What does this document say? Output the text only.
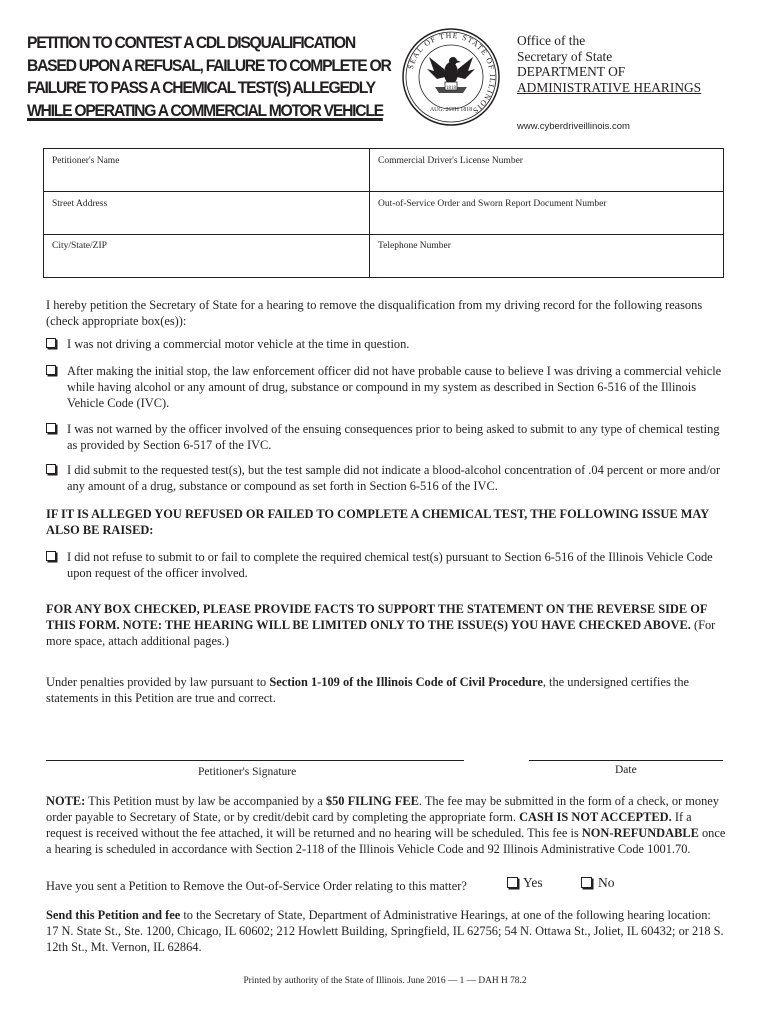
PETITION TO CONTEST A CDL DISQUALIFICATION
BASED UPON A REFUSAL, FAILURE TO COMPLETE OR
FAILURE TO PASS A CHEMICAL TEST(S) ALLEGEDLY
WHILE OPERATING A COMMERCIAL MOTOR VEHICLE
SEAL OF THE STATE OF ILLINOIS
1818
AUG. 26TH 1818
Office of the
Secretary of State
DEPARTMENT OF
ADMINISTRATIVE HEARINGS
www.cyberdriveillinois.com
Petitioner's Name	Commercial Driver's License Number
Street Address	Out-of-Service Order and Sworn Report Document Number
City/State/ZIP	Telephone Number
I hereby petition the Secretary of State for a hearing to remove the disqualification from my driving record for the following reasons (check appropriate box(es)):
I was not driving a commercial motor vehicle at the time in question.
After making the initial stop, the law enforcement officer did not have probable cause to believe I was driving a commercial vehicle while having alcohol or any amount of drug, substance or compound in my system as described in Section 6-516 of the Illinois Vehicle Code (IVC).
I was not warned by the officer involved of the ensuing consequences prior to being asked to submit to any type of chemical testing as provided by Section 6-517 of the IVC.
I did submit to the requested test(s), but the test sample did not indicate a blood-alcohol concentration of .04 percent or more and/or any amount of a drug, substance or compound as set forth in Section 6-516 of the IVC.
IF IT IS ALLEGED YOU REFUSED OR FAILED TO COMPLETE A CHEMICAL TEST, THE FOLLOWING ISSUE MAY ALSO BE RAISED:
I did not refuse to submit to or fail to complete the required chemical test(s) pursuant to Section 6-516 of the Illinois Vehicle Code upon request of the officer involved.
FOR ANY BOX CHECKED, PLEASE PROVIDE FACTS TO SUPPORT THE STATEMENT ON THE REVERSE SIDE OF THIS FORM. NOTE: THE HEARING WILL BE LIMITED ONLY TO THE ISSUE(S) YOU HAVE CHECKED ABOVE. (For more space, attach additional pages.)
Under penalties provided by law pursuant to Section 1-109 of the Illinois Code of Civil Procedure, the undersigned certifies the statements in this Petition are true and correct.
Petitioner's Signature	Date
NOTE: This Petition must by law be accompanied by a $50 FILING FEE. The fee may be submitted in the form of a check, or money order payable to Secretary of State, or by credit/debit card by completing the appropriate form. CASH IS NOT ACCEPTED. If a request is received without the fee attached, it will be returned and no hearing will be scheduled. This fee is NON-REFUNDABLE once a hearing is scheduled in accordance with Section 2-118 of the Illinois Vehicle Code and 92 Illinois Administrative Code 1001.70.
Have you sent a Petition to Remove the Out-of-Service Order relating to this matter?	Yes	No
Send this Petition and fee to the Secretary of State, Department of Administrative Hearings, at one of the following hearing location: 17 N. State St., Ste. 1200, Chicago, IL 60602; 212 Howlett Building, Springfield, IL 62756; 54 N. Ottawa St., Joliet, IL 60432; or 218 S. 12th St., Mt. Vernon, IL 62864.
Printed by authority of the State of Illinois. June 2016 — 1 — DAH H 78.2
